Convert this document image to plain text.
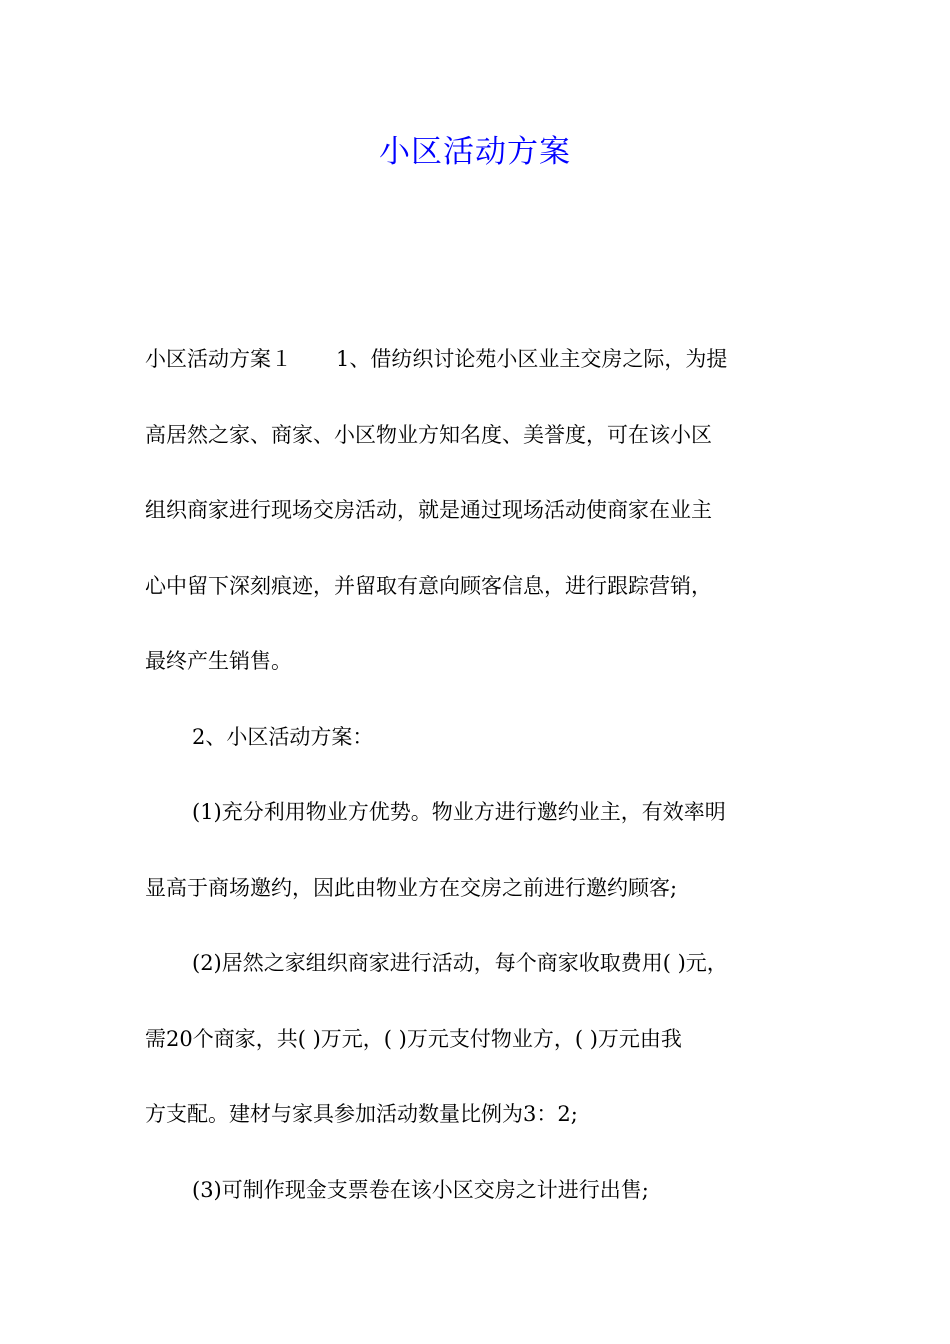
小区活动方案
小区活动方案１ 1、借纺织讨论苑小区业主交房之际，为提
高居然之家、商家、小区物业方知名度、美誉度，可在该小区
组织商家进行现场交房活动，就是通过现场活动使商家在业主
心中留下深刻痕迹，并留取有意向顾客信息，进行跟踪营销，
最终产生销售。
2、小区活动方案：
(1)充分利用物业方优势。物业方进行邀约业主，有效率明
显高于商场邀约，因此由物业方在交房之前进行邀约顾客;
(2)居然之家组织商家进行活动，每个商家收取费用( )元，
需20个商家，共( )万元，( )万元支付物业方，( )万元由我
方支配。建材与家具参加活动数量比例为3：2;
(3)可制作现金支票卷在该小区交房之计进行出售;
